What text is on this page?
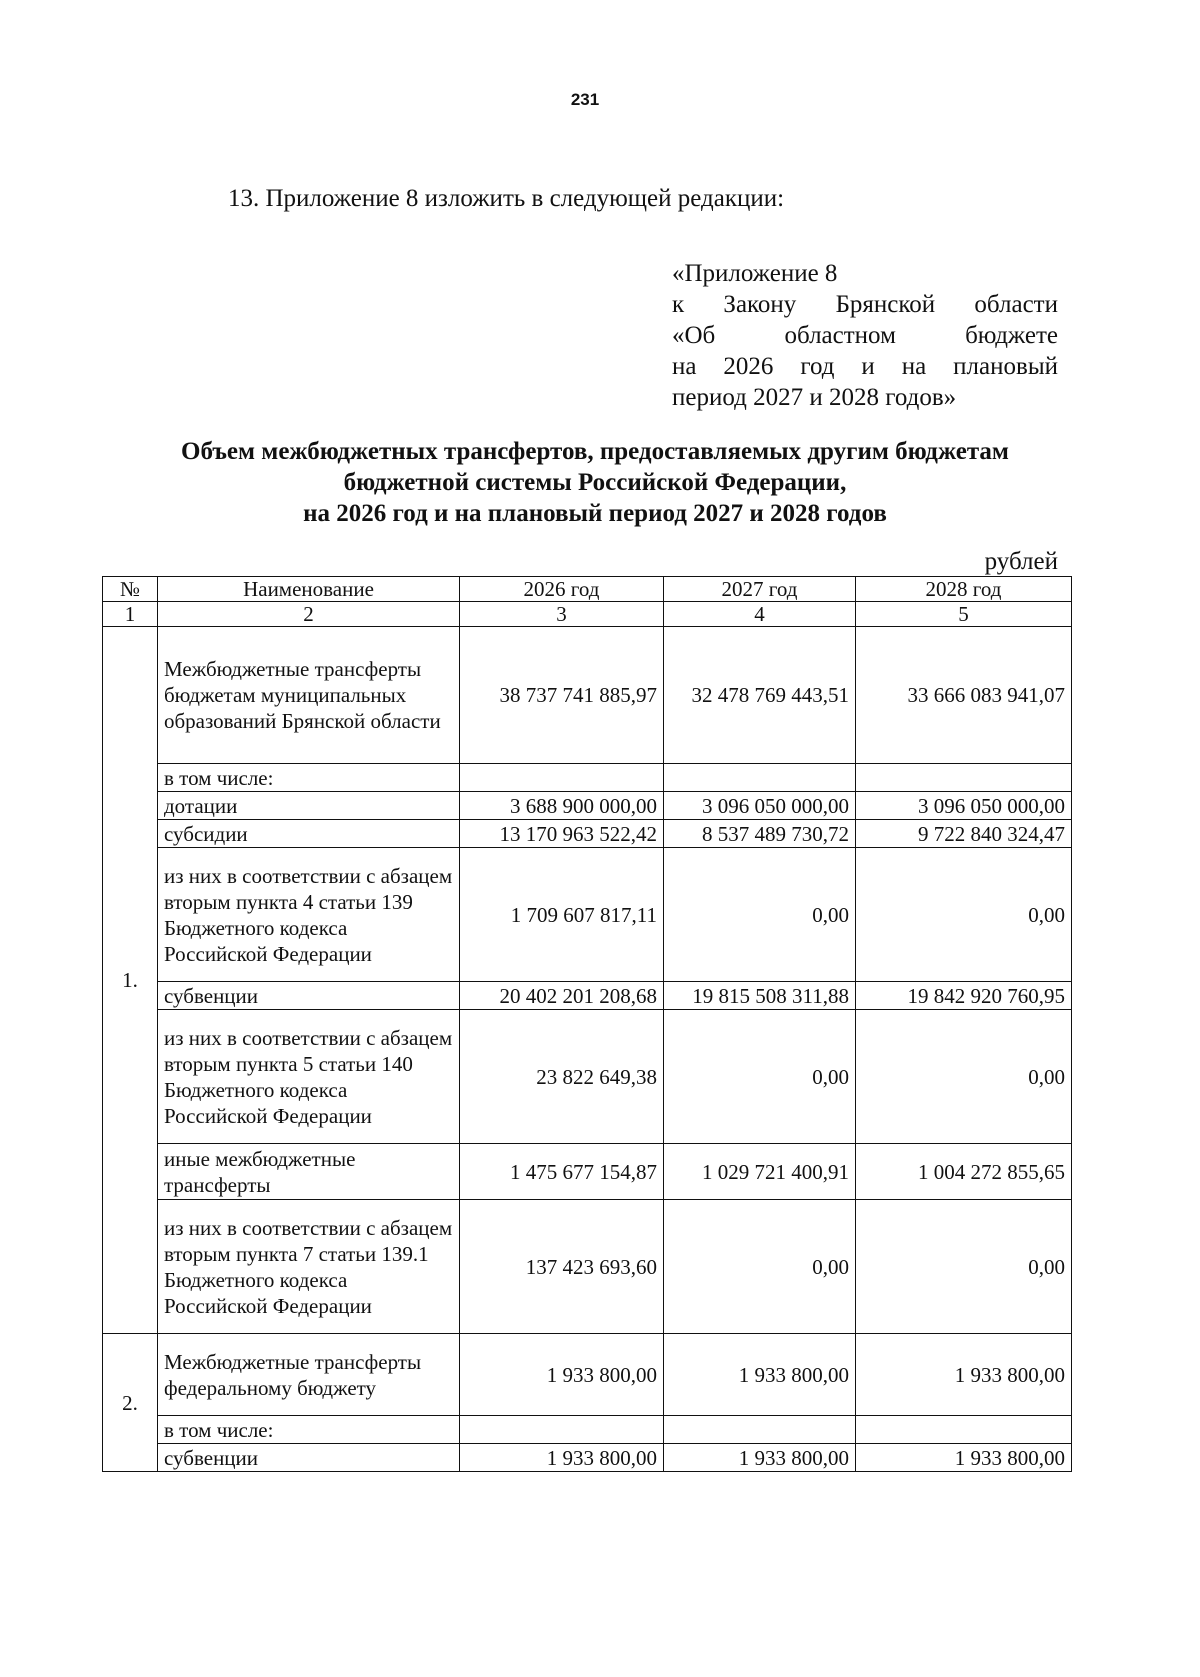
231
13. Приложение 8 изложить в следующей редакции:
«Приложение 8
к Закону Брянской области
«Об областном бюджете
на 2026 год и на плановый
период 2027 и 2028 годов»
Объем межбюджетных трансфертов, предоставляемых другим бюджетам
бюджетной системы Российской Федерации,
на 2026 год и на плановый период 2027 и 2028 годов
рублей
№	Наименование	2026 год	2027 год	2028 год
1	2	3	4	5
1.	Межбюджетные трансферты бюджетам муниципальных образований Брянской области	38 737 741 885,97	32 478 769 443,51	33 666 083 941,07
	в том числе:			
	дотации	3 688 900 000,00	3 096 050 000,00	3 096 050 000,00
	субсидии	13 170 963 522,42	8 537 489 730,72	9 722 840 324,47
	из них в соответствии с абзацем вторым пункта 4 статьи 139 Бюджетного кодекса Российской Федерации	1 709 607 817,11	0,00	0,00
	субвенции	20 402 201 208,68	19 815 508 311,88	19 842 920 760,95
	из них в соответствии с абзацем вторым пункта 5 статьи 140 Бюджетного кодекса Российской Федерации	23 822 649,38	0,00	0,00
	иные межбюджетные трансферты	1 475 677 154,87	1 029 721 400,91	1 004 272 855,65
	из них в соответствии с абзацем вторым пункта 7 статьи 139.1 Бюджетного кодекса Российской Федерации	137 423 693,60	0,00	0,00
2.	Межбюджетные трансферты федеральному бюджету	1 933 800,00	1 933 800,00	1 933 800,00
	в том числе:			
	субвенции	1 933 800,00	1 933 800,00	1 933 800,00
